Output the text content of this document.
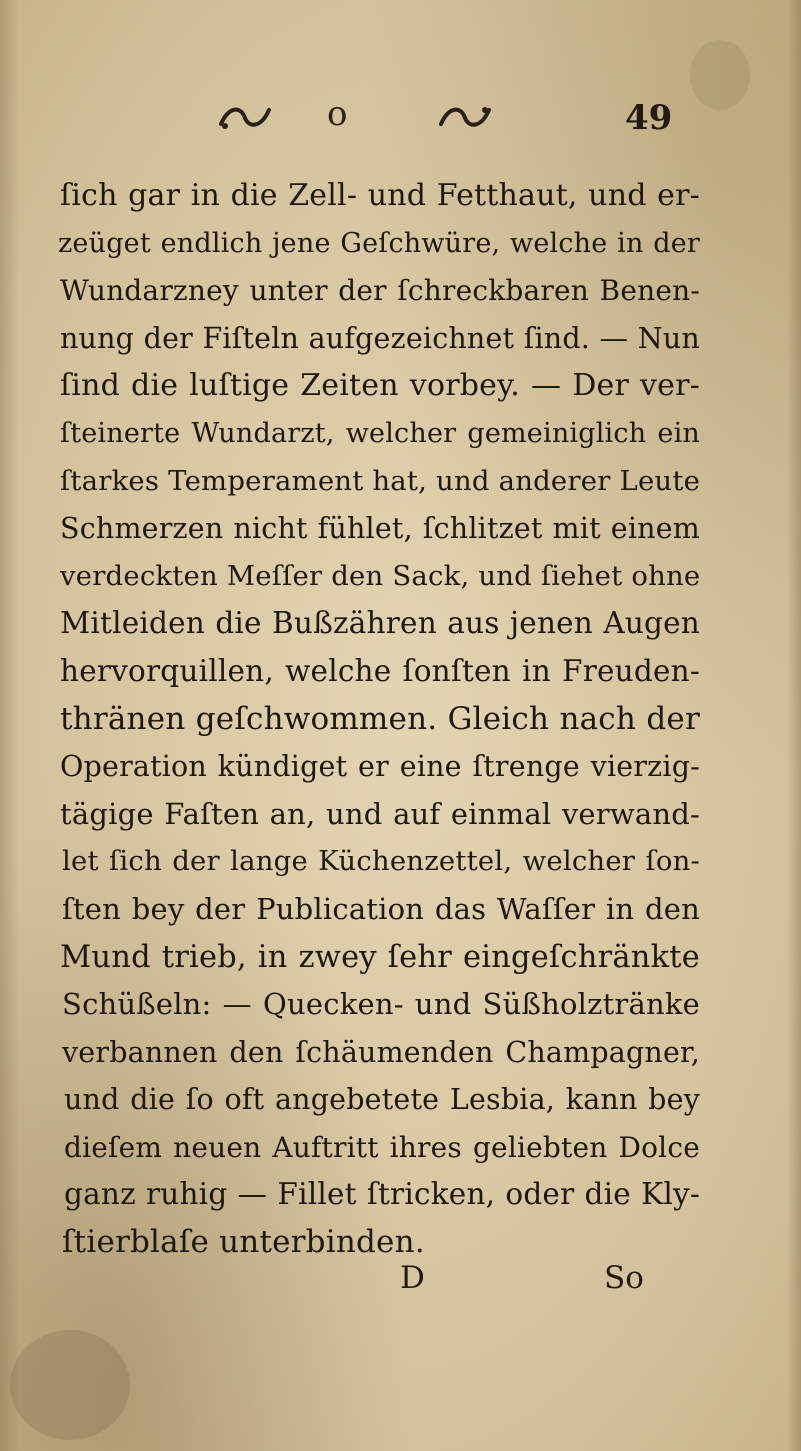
o	49
ſich gar in die Zell- und Fetthaut, und er-
zeüget endlich jene Geſchwüre, welche in der
Wundarzney unter der ſchreckbaren Benen-
nung der Fiſteln aufgezeichnet ſind. — Nun
ſind die luſtige Zeiten vorbey. — Der ver-
ſteinerte Wundarzt, welcher gemeiniglich ein
ſtarkes Temperament hat, und anderer Leute
Schmerzen nicht fühlet, ſchlitzet mit einem
verdeckten Meſſer den Sack, und ſiehet ohne
Mitleiden die Bußzähren aus jenen Augen
hervorquillen, welche ſonſten in Freuden-
thränen geſchwommen. Gleich nach der
Operation kündiget er eine ſtrenge vierzig-
tägige Faſten an, und auf einmal verwand-
let ſich der lange Küchenzettel, welcher ſon-
ſten bey der Publication das Waſſer in den
Mund trieb, in zwey ſehr eingeſchränkte
Schüßeln: — Quecken- und Süßholztränke
verbannen den ſchäumenden Champagner,
und die ſo oft angebetete Lesbia, kann bey
dieſem neuen Auftritt ihres geliebten Dolce
ganz ruhig — Fillet ſtricken, oder die Kly-
ſtierblaſe unterbinden.
D	So
